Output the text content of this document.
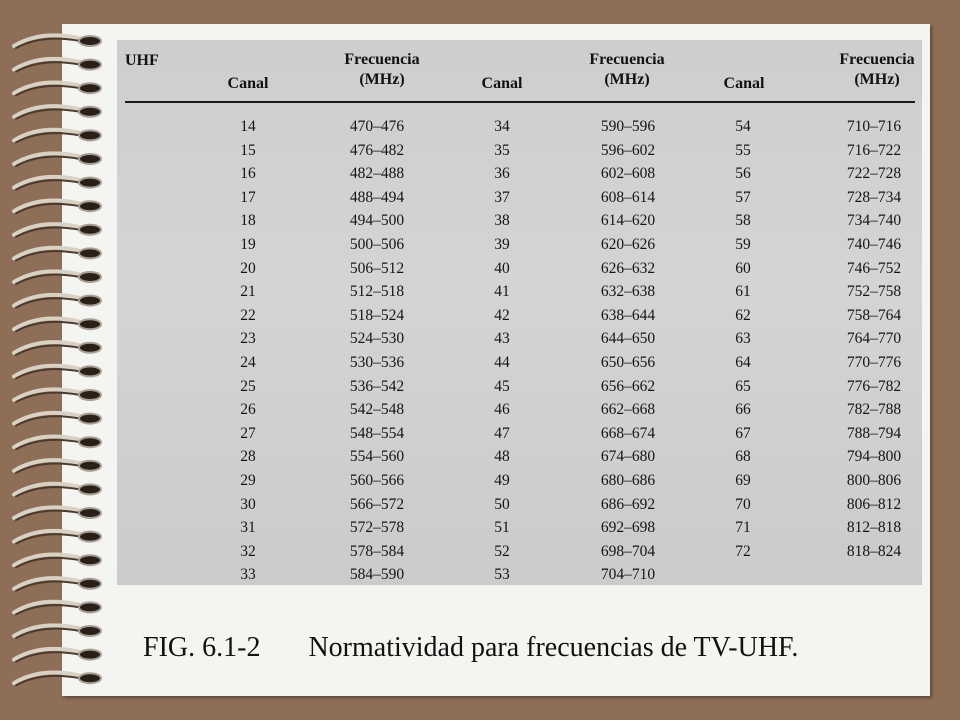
UHF
Canal
Frecuencia
(MHz)	Canal
Frecuencia
(MHz)	Canal
Frecuencia
(MHz)
14
15
16
17
18
19
20
21
22
23
24
25
26
27
28
29
30
31
32
33
470–476
476–482
482–488
488–494
494–500
500–506
506–512
512–518
518–524
524–530
530–536
536–542
542–548
548–554
554–560
560–566
566–572
572–578
578–584
584–590
34
35
36
37
38
39
40
41
42
43
44
45
46
47
48
49
50
51
52
53
590–596
596–602
602–608
608–614
614–620
620–626
626–632
632–638
638–644
644–650
650–656
656–662
662–668
668–674
674–680
680–686
686–692
692–698
698–704
704–710
54
55
56
57
58
59
60
61
62
63
64
65
66
67
68
69
70
71
72
710–716
716–722
722–728
728–734
734–740
740–746
746–752
752–758
758–764
764–770
770–776
776–782
782–788
788–794
794–800
800–806
806–812
812–818
818–824
FIG. 6.1-2 Normatividad para frecuencias de TV-UHF.
